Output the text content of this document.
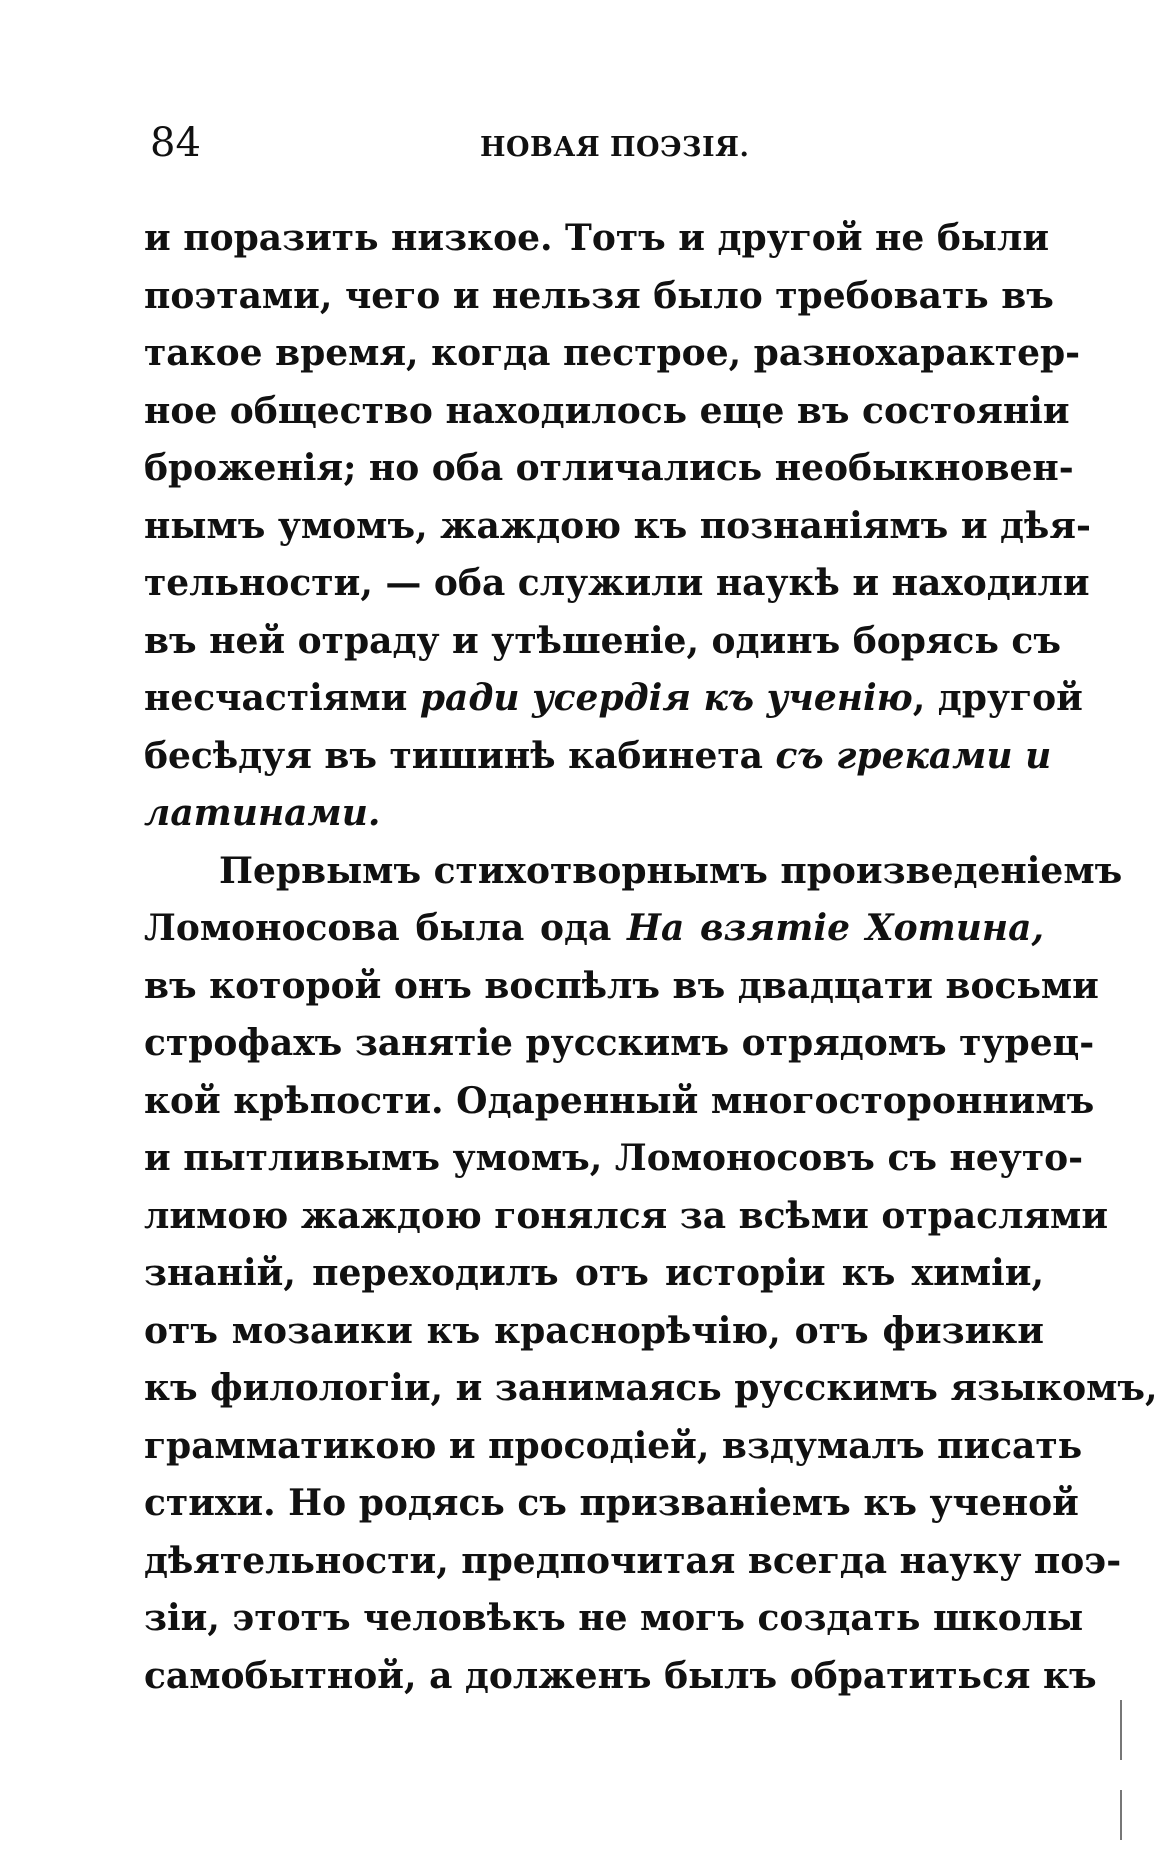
84	НОВАЯ ПОЭЗІЯ.
и поразить низкое. Тотъ и другой не были
поэтами, чего и нельзя было требовать въ
такое время, когда пестрое, разнохарактер-
ное общество находилось еще въ состояніи
броженія; но оба отличались необыкновен-
нымъ умомъ, жаждою къ познаніямъ и дѣя-
тельности, — оба служили наукѣ и находили
въ ней отраду и утѣшеніе, одинъ борясь съ
несчастіями ради усердія къ ученію, другой
бесѣдуя въ тишинѣ кабинета съ греками и
латинами.
Первымъ стихотворнымъ произведеніемъ
Ломоносова была ода На взятіе Хотина,
въ которой онъ воспѣлъ въ двадцати восьми
строфахъ занятіе русскимъ отрядомъ турец-
кой крѣпости. Одаренный многостороннимъ
и пытливымъ умомъ, Ломоносовъ съ неуто-
лимою жаждою гонялся за всѣми отраслями
знаній, переходилъ отъ исторіи къ химіи,
отъ мозаики къ краснорѣчію, отъ физики
къ филологіи, и занимаясь русскимъ языкомъ,
грамматикою и просодіей, вздумалъ писать
стихи. Но родясь съ призваніемъ къ ученой
дѣятельности, предпочитая всегда науку поэ-
зіи, этотъ человѣкъ не могъ создать школы
самобытной, а долженъ былъ обратиться къ
